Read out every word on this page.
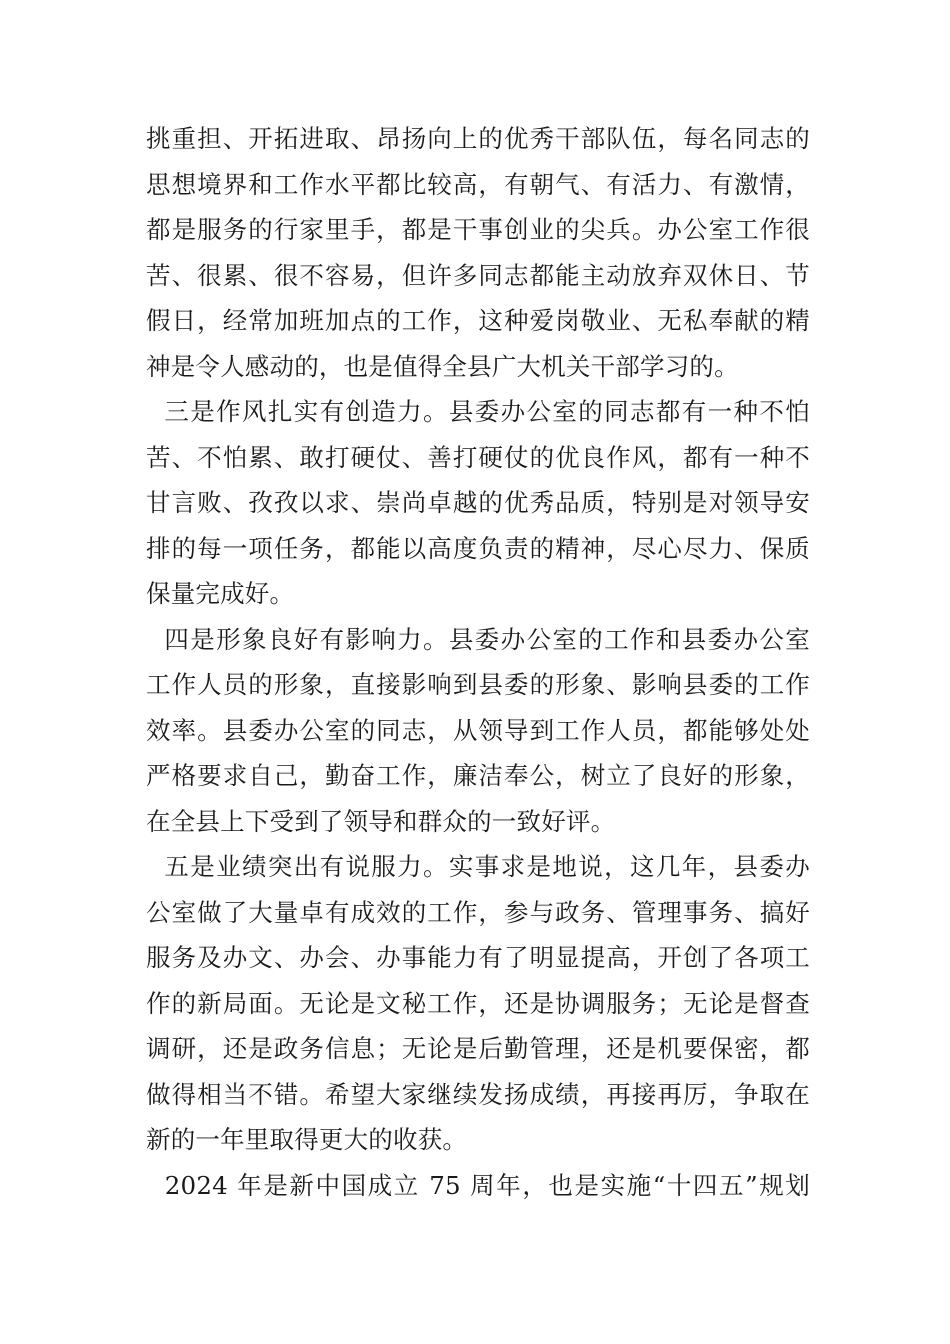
挑重担、开拓进取、昂扬向上的优秀干部队伍，每名同志的
思想境界和工作水平都比较高，有朝气、有活力、有激情，
都是服务的行家里手，都是干事创业的尖兵。办公室工作很
苦、很累、很不容易，但许多同志都能主动放弃双休日、节
假日，经常加班加点的工作，这种爱岗敬业、无私奉献的精
神是令人感动的，也是值得全县广大机关干部学习的。
三是作风扎实有创造力。县委办公室的同志都有一种不怕
苦、不怕累、敢打硬仗、善打硬仗的优良作风，都有一种不
甘言败、孜孜以求、崇尚卓越的优秀品质，特别是对领导安
排的每一项任务，都能以高度负责的精神，尽心尽力、保质
保量完成好。
四是形象良好有影响力。县委办公室的工作和县委办公室
工作人员的形象，直接影响到县委的形象、影响县委的工作
效率。县委办公室的同志，从领导到工作人员，都能够处处
严格要求自己，勤奋工作，廉洁奉公，树立了良好的形象，
在全县上下受到了领导和群众的一致好评。
五是业绩突出有说服力。实事求是地说，这几年，县委办
公室做了大量卓有成效的工作，参与政务、管理事务、搞好
服务及办文、办会、办事能力有了明显提高，开创了各项工
作的新局面。无论是文秘工作，还是协调服务；无论是督查
调研，还是政务信息；无论是后勤管理，还是机要保密，都
做得相当不错。希望大家继续发扬成绩，再接再厉，争取在
新的一年里取得更大的收获。
2024 年是新中国成立 75 周年，也是实施“十四五”规划
